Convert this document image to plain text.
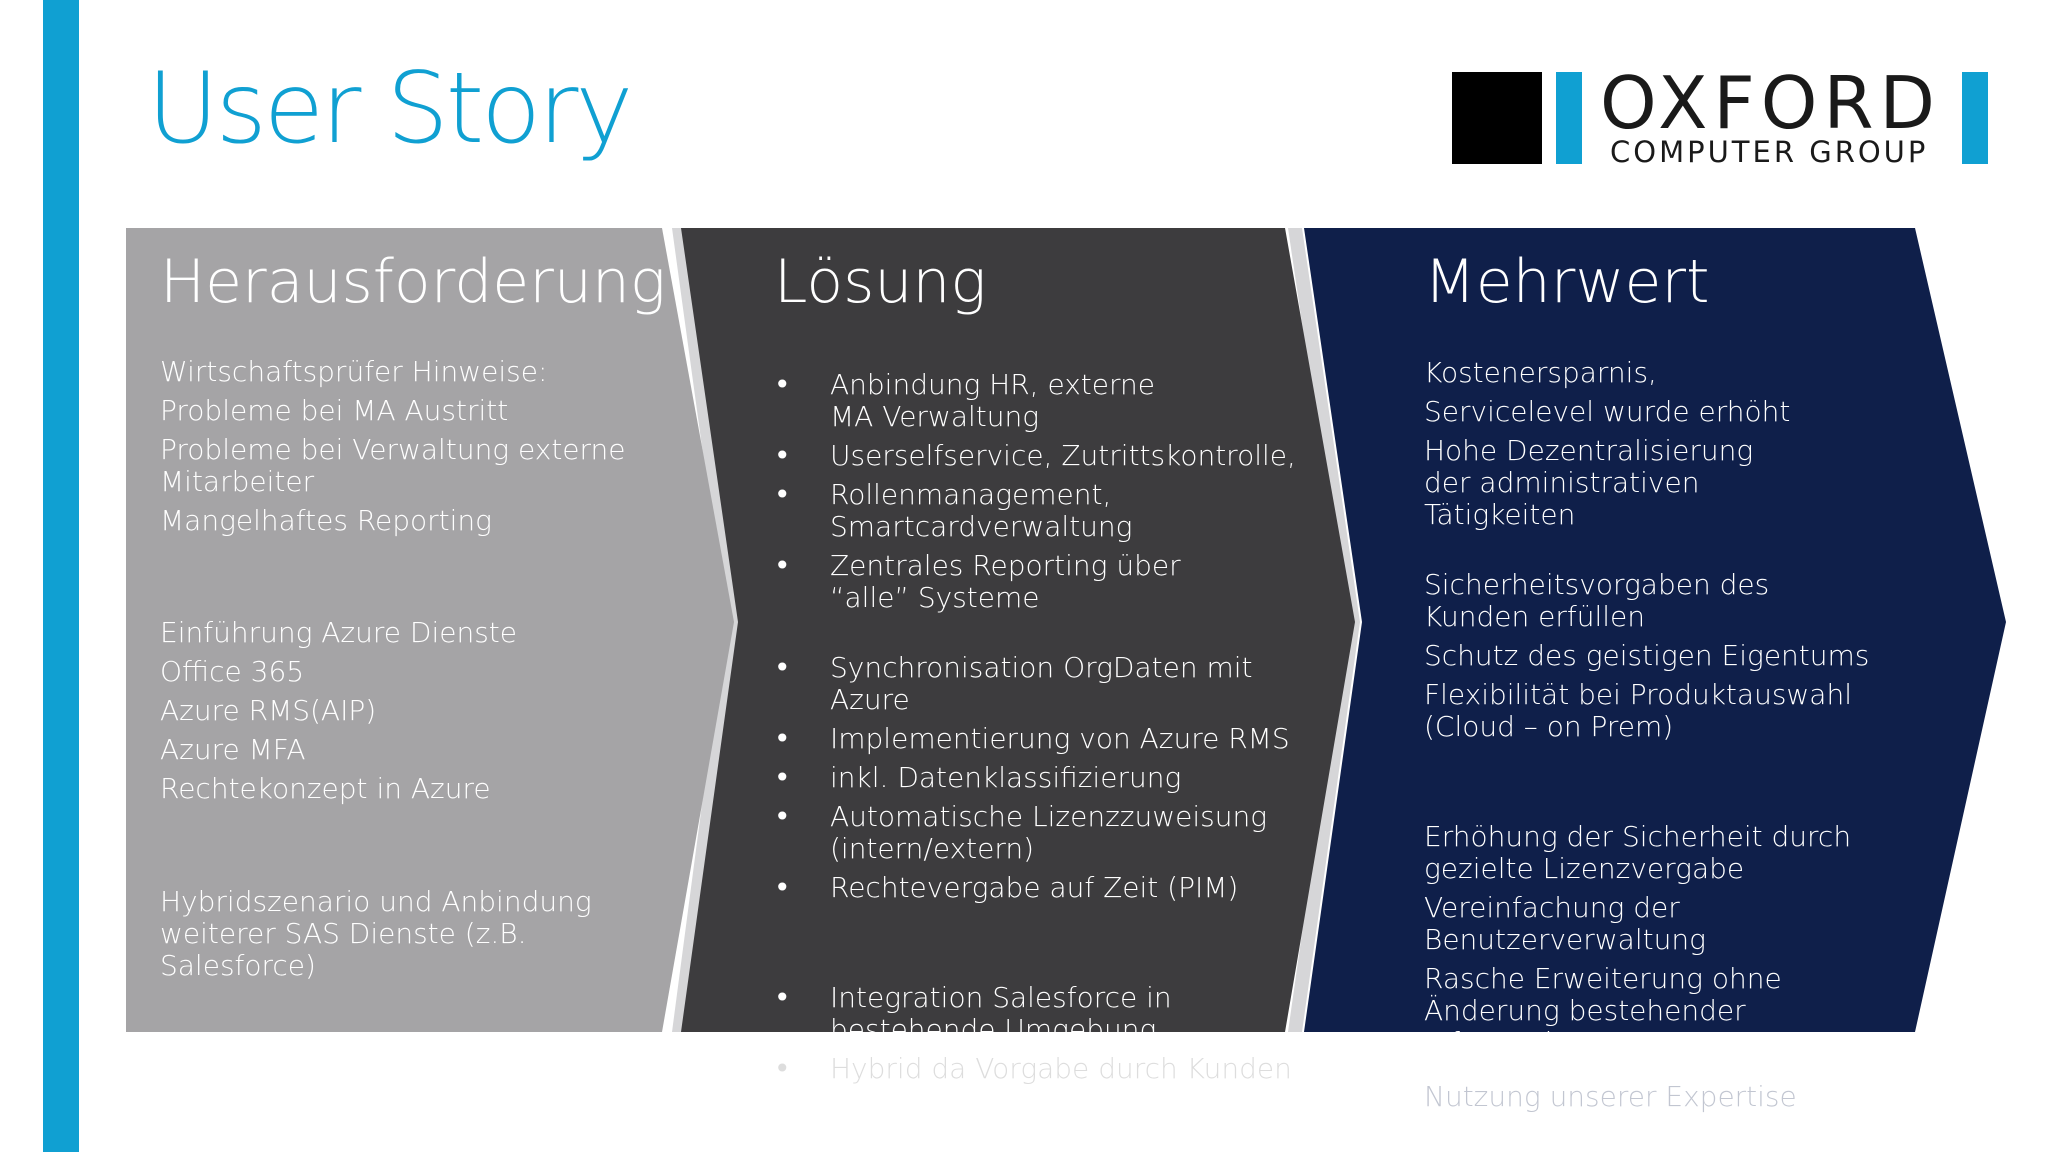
User Story	OXFORD
COMPUTER GROUP
Herausforderung
Wirtschaftsprüfer Hinweise:
Probleme bei MA Austritt
Probleme bei Verwaltung externe Mitarbeiter
Mangelhaftes Reporting
Einführung Azure Dienste
Office 365
Azure RMS(AIP)
Azure MFA
Rechtekonzept in Azure
Hybridszenario und Anbindung weiterer SAS Dienste (z.B. Salesforce)
Lösung
• Anbindung HR, externe MA Verwaltung
• Userselfservice, Zutrittskontrolle,
• Rollenmanagement, Smartcardverwaltung
• Zentrales Reporting über “alle” Systeme
• Synchronisation OrgDaten mit Azure
• Implementierung von Azure RMS
• inkl. Datenklassifizierung
• Automatische Lizenzzuweisung (intern/extern)
• Rechtevergabe auf Zeit (PIM)
• Integration Salesforce in bestehende Umgebung
• Hybrid da Vorgabe durch Kunden
Mehrwert
Kostenersparnis,
Servicelevel wurde erhöht
Hohe Dezentralisierung der administrativen Tätigkeiten
Sicherheitsvorgaben des Kunden erfüllen
Schutz des geistigen Eigentums
Flexibilität bei Produktauswahl (Cloud – on Prem)
Erhöhung der Sicherheit durch gezielte Lizenzvergabe
Vereinfachung der Benutzerverwaltung
Rasche Erweiterung ohne Änderung bestehender Infrastruktur
Nutzung unserer Expertise
